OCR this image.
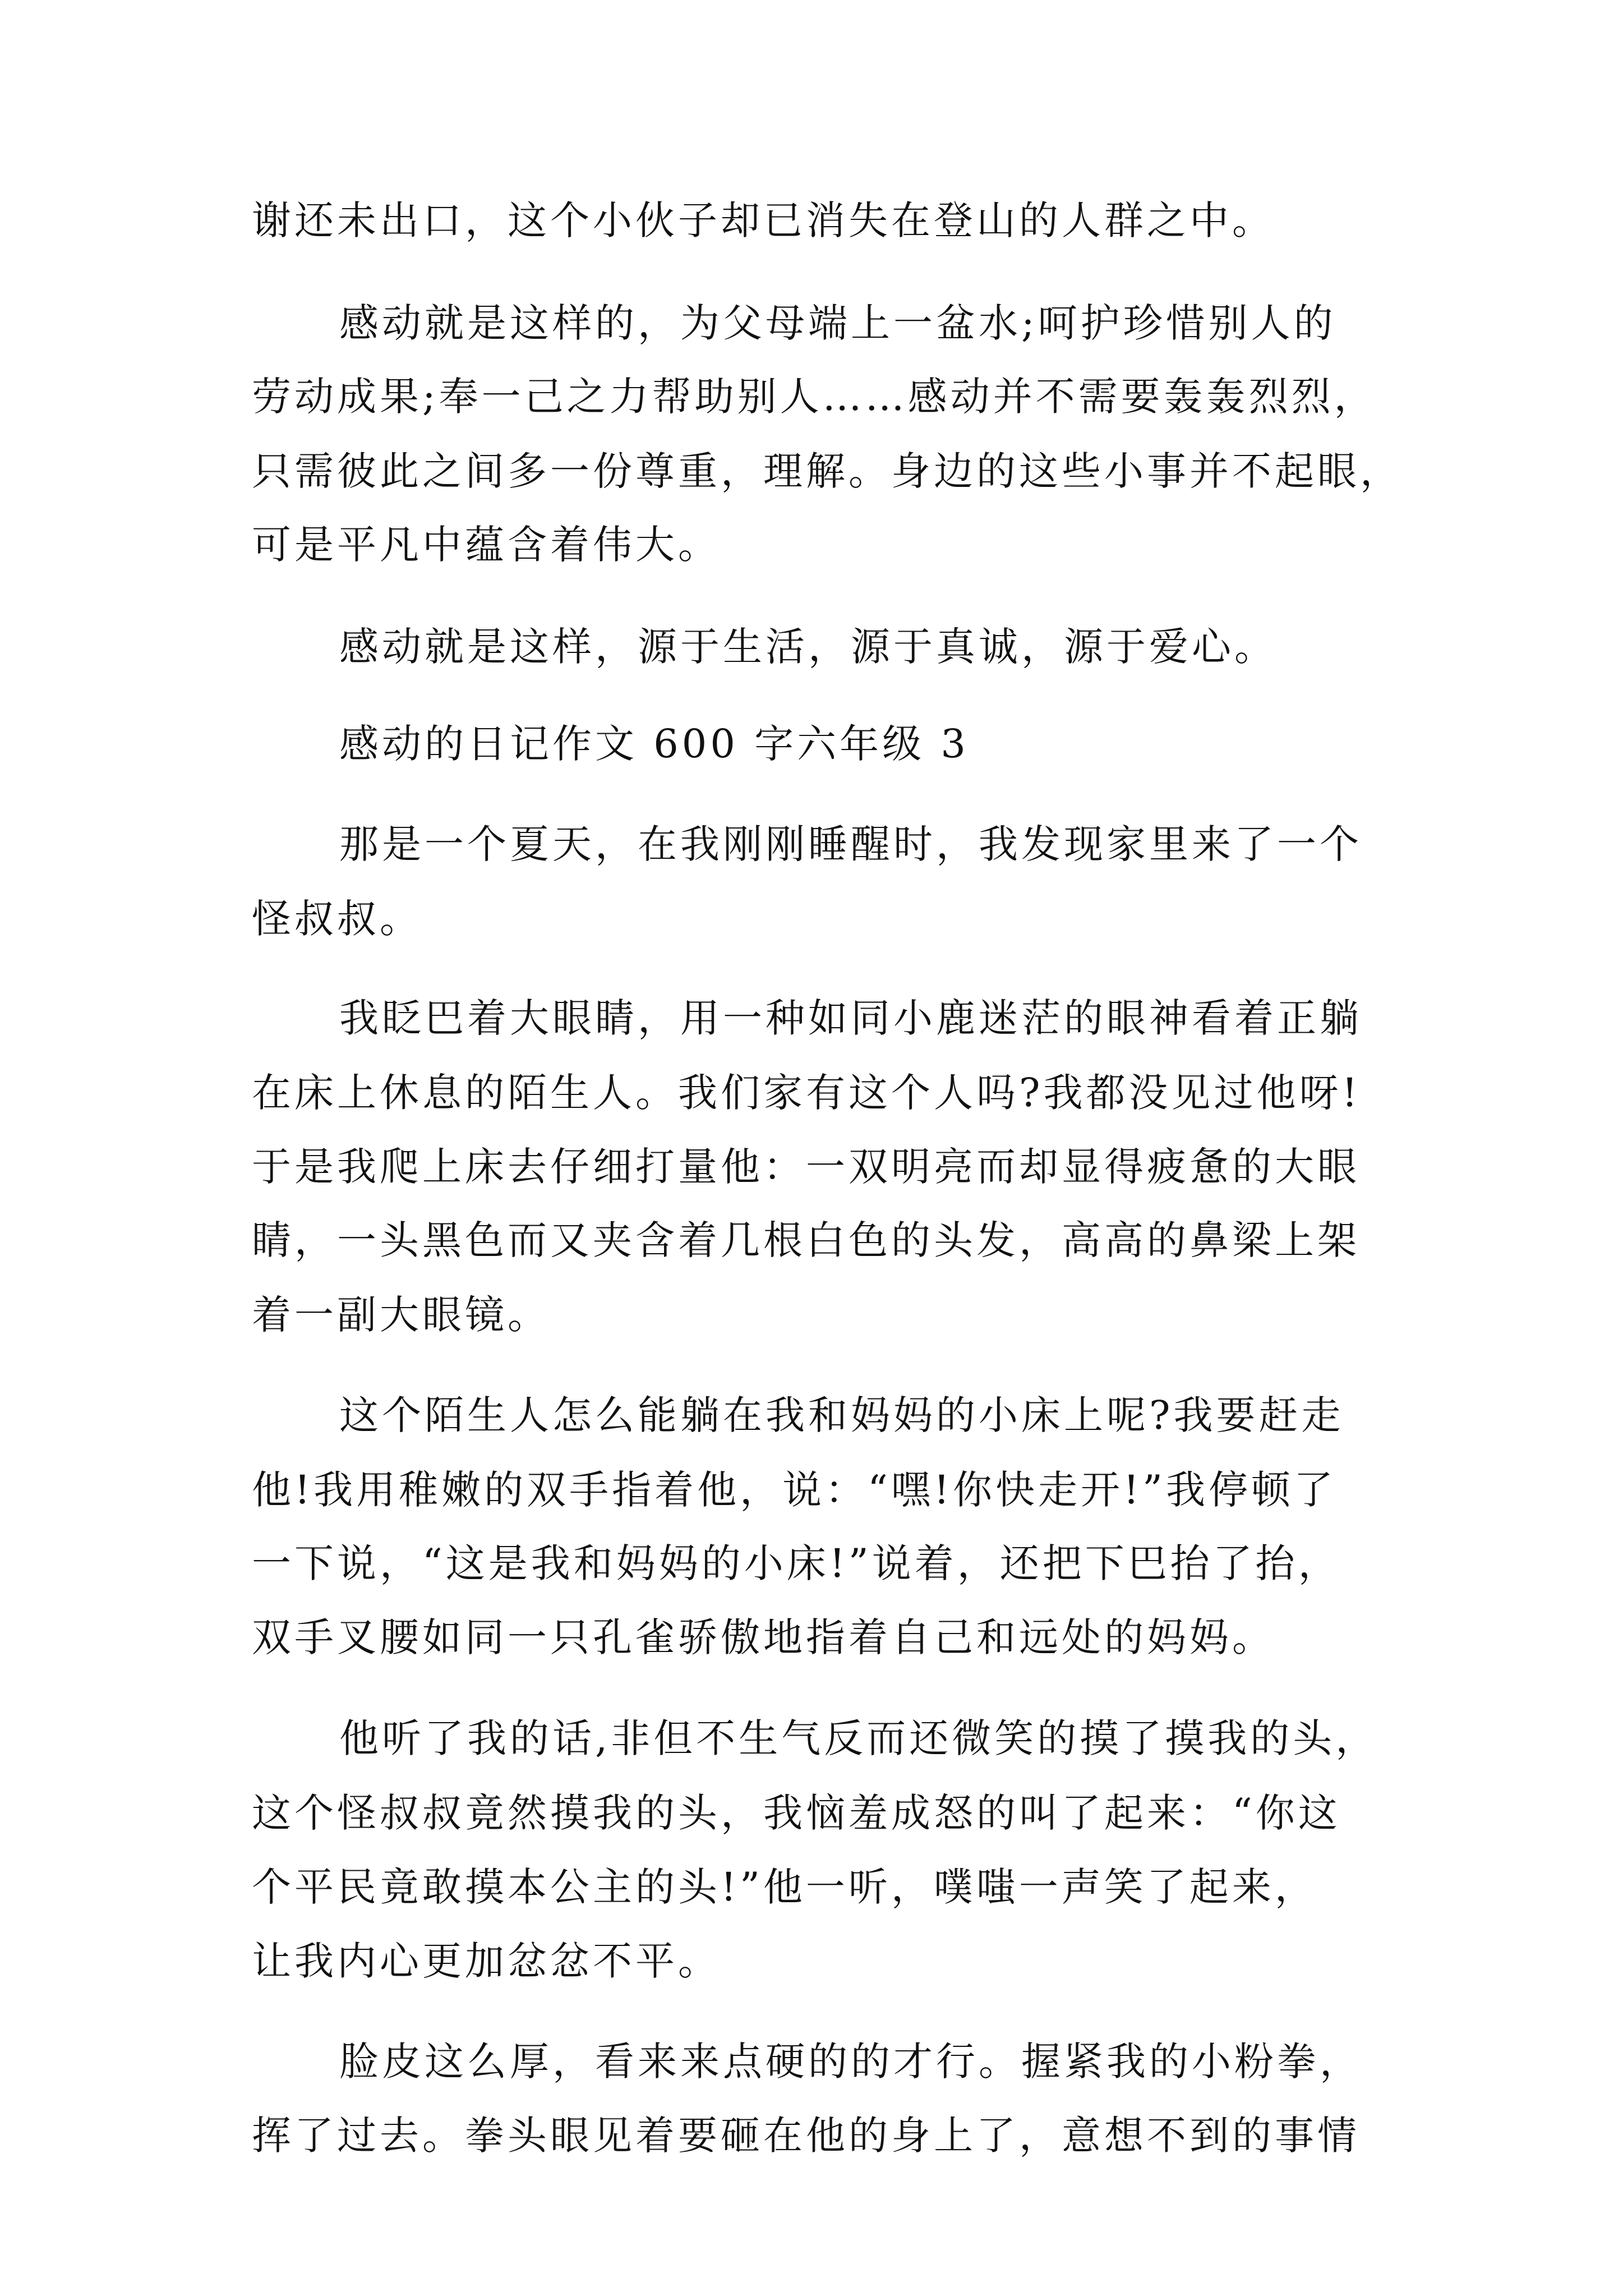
谢还未出口，这个小伙子却已消失在登山的人群之中。
感动就是这样的，为父母端上一盆水;呵护珍惜别人的
劳动成果;奉一己之力帮助别人……感动并不需要轰轰烈烈，
只需彼此之间多一份尊重，理解。身边的这些小事并不起眼，
可是平凡中蕴含着伟大。
感动就是这样，源于生活，源于真诚，源于爱心。
感动的日记作文 600 字六年级 3
那是一个夏天，在我刚刚睡醒时，我发现家里来了一个
怪叔叔。
我眨巴着大眼睛，用一种如同小鹿迷茫的眼神看着正躺
在床上休息的陌生人。我们家有这个人吗?我都没见过他呀!
于是我爬上床去仔细打量他：一双明亮而却显得疲惫的大眼
睛，一头黑色而又夹含着几根白色的头发，高高的鼻梁上架
着一副大眼镜。
这个陌生人怎么能躺在我和妈妈的小床上呢?我要赶走
他!我用稚嫩的双手指着他，说：“嘿!你快走开!”我停顿了
一下说，“这是我和妈妈的小床!”说着，还把下巴抬了抬，
双手叉腰如同一只孔雀骄傲地指着自己和远处的妈妈。
他听了我的话,非但不生气反而还微笑的摸了摸我的头，
这个怪叔叔竟然摸我的头，我恼羞成怒的叫了起来：“你这
个平民竟敢摸本公主的头!”他一听，噗嗤一声笑了起来，
让我内心更加忿忿不平。
脸皮这么厚，看来来点硬的的才行。握紧我的小粉拳，
挥了过去。拳头眼见着要砸在他的身上了，意想不到的事情
